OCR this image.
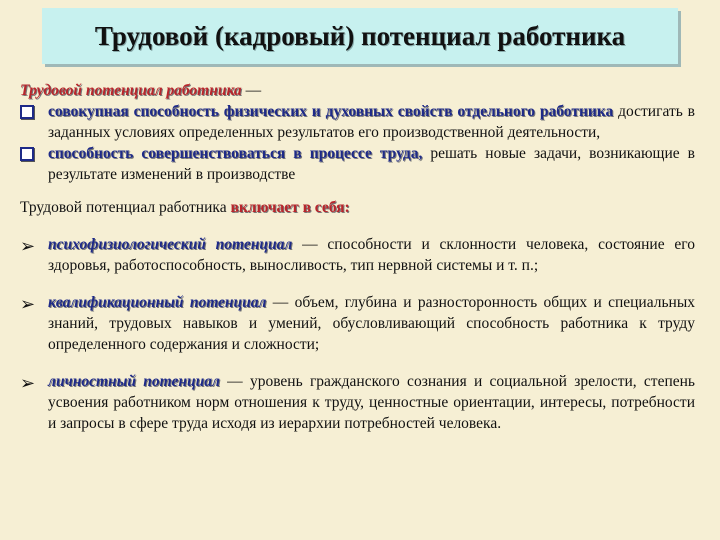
Трудовой (кадровый) потенциал работника
Трудовой потенциал работника —
совокупная способность физических и духовных свойств отдельного работника достигать в заданных условиях определенных результатов его производственной деятельности,
способность совершенствоваться в процессе труда, решать новые задачи, возникающие в результате изменений в производстве
Трудовой потенциал работника включает в себя:
➢ психофизиологический потенциал — способности и склонности человека, состояние его здоровья, работоспособность, выносливость, тип нервной системы и т. п.;
➢ квалификационный потенциал — объем, глубина и разносторонность общих и специальных знаний, трудовых навыков и умений, обусловливающий способность работника к труду определенного содержания и сложности;
➢ личностный потенциал — уровень гражданского сознания и социальной зрелости, степень усвоения работником норм отношения к труду, ценностные ориентации, интересы, потребности и запросы в сфере труда исходя из иерархии потребностей человека.
